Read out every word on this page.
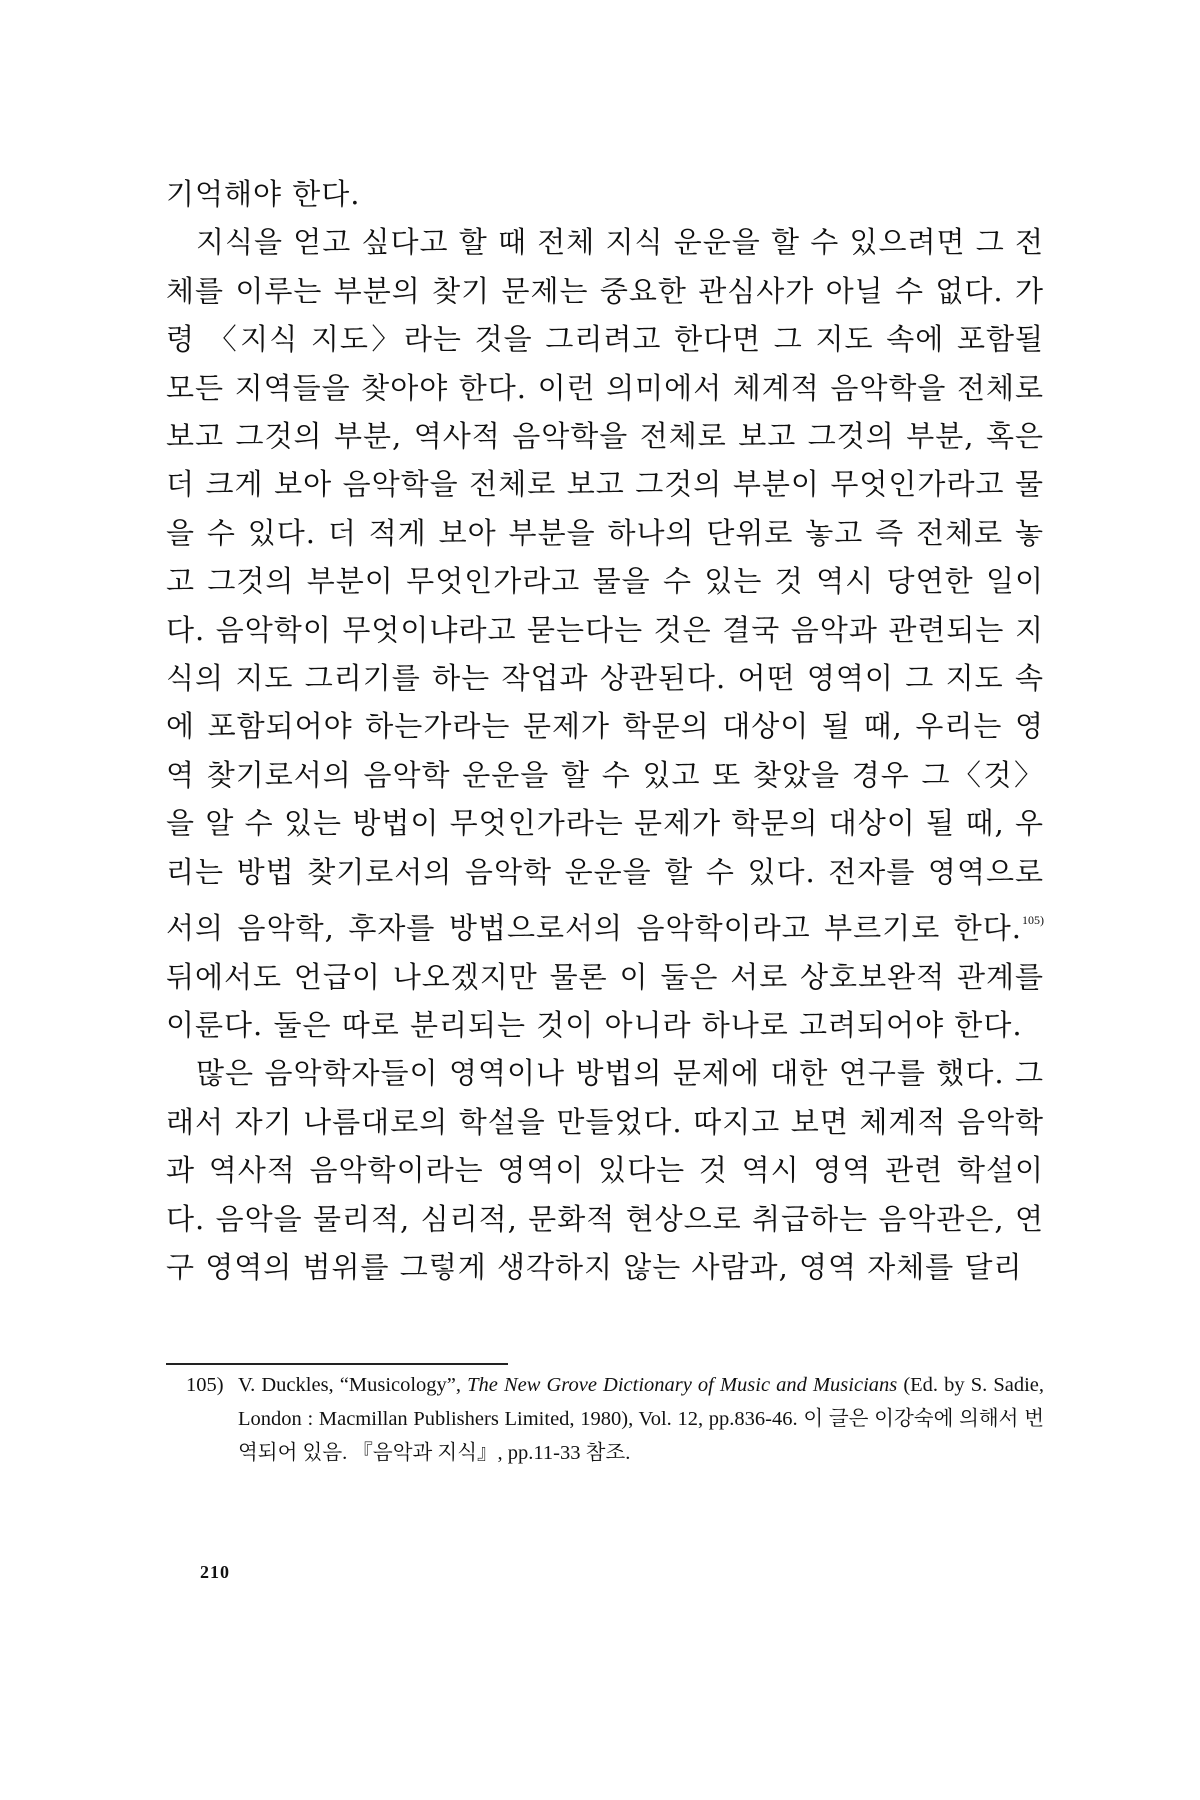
기억해야 한다.

지식을 얻고 싶다고 할 때 전체 지식 운운을 할 수 있으려면 그 전체를 이루는 부분의 찾기 문제는 중요한 관심사가 아닐 수 없다. 가령 〈지식 지도〉라는 것을 그리려고 한다면 그 지도 속에 포함될 모든 지역들을 찾아야 한다. 이런 의미에서 체계적 음악학을 전체로 보고 그것의 부분, 역사적 음악학을 전체로 보고 그것의 부분, 혹은 더 크게 보아 음악학을 전체로 보고 그것의 부분이 무엇인가라고 물을 수 있다. 더 적게 보아 부분을 하나의 단위로 놓고 즉 전체로 놓고 그것의 부분이 무엇인가라고 물을 수 있는 것 역시 당연한 일이다. 음악학이 무엇이냐라고 묻는다는 것은 결국 음악과 관련되는 지식의 지도 그리기를 하는 작업과 상관된다. 어떤 영역이 그 지도 속에 포함되어야 하는가라는 문제가 학문의 대상이 될 때, 우리는 영역 찾기로서의 음악학 운운을 할 수 있고 또 찾았을 경우 그〈것〉을 알 수 있는 방법이 무엇인가라는 문제가 학문의 대상이 될 때, 우리는 방법 찾기로서의 음악학 운운을 할 수 있다. 전자를 영역으로서의 음악학, 후자를 방법으로서의 음악학이라고 부르기로 한다.$^{105)}$뒤에서도 언급이 나오겠지만 물론 이 둘은 서로 상호보완적 관계를 이룬다. 둘은 따로 분리되는 것이 아니라 하나로 고려되어야 한다.

많은 음악학자들이 영역이나 방법의 문제에 대한 연구를 했다. 그래서 자기 나름대로의 학설을 만들었다. 따지고 보면 체계적 음악학과 역사적 음악학이라는 영역이 있다는 것 역시 영역 관련 학설이다. 음악을 물리적, 심리적, 문화적 현상으로 취급하는 음악관은, 연구 영역의 범위를 그렇게 생각하지 않는 사람과, 영역 자체를 달리

105) V. Duckles, “Musicology”, The New Grove Dictionary of Music and Musicians (Ed. by S. Sadie, London : Macmillan Publishers Limited, 1980), Vol. 12, pp.836-46. 이 글은 이강숙에 의해서 번역되어 있음. 『음악과 지식』, pp.11-33 참조.
210
